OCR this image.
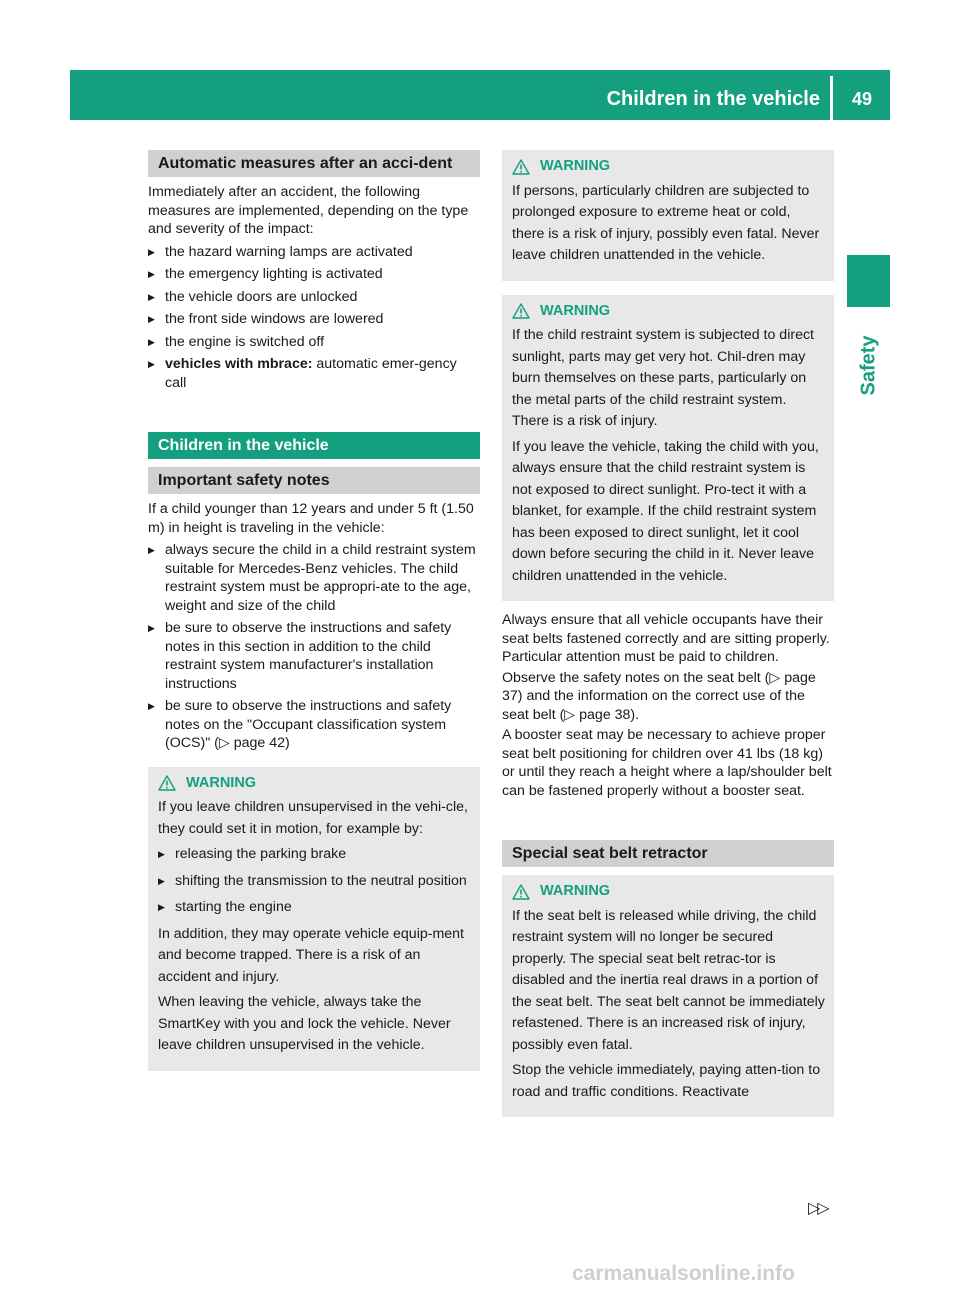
Children in the vehicle 49
Safety
Automatic measures after an acci-dent

Immediately after an accident, the following measures are implemented, depending on the type and severity of the impact:

▶ the hazard warning lamps are activated
▶ the emergency lighting is activated
▶ the vehicle doors are unlocked
▶ the front side windows are lowered
▶ the engine is switched off
▶ vehicles with mbrace: automatic emer-gency call
Children in the vehicle
Important safety notes

If a child younger than 12 years and under 5 ft (1.50 m) in height is traveling in the vehicle:

▶ always secure the child in a child restraint system suitable for Mercedes-Benz vehicles. The child restraint system must be appropri-ate to the age, weight and size of the child
▶ be sure to observe the instructions and safety notes in this section in addition to the child restraint system manufacturer's installation instructions
▶ be sure to observe the instructions and safety notes on the "Occupant classification system (OCS)" (▷ page 42)
WARNING

If you leave children unsupervised in the vehi-cle, they could set it in motion, for example by:

▶ releasing the parking brake
▶ shifting the transmission to the neutral position
▶ starting the engine

In addition, they may operate vehicle equip-ment and become trapped. There is a risk of an accident and injury.

When leaving the vehicle, always take the SmartKey with you and lock the vehicle. Never leave children unsupervised in the vehicle.

WARNING

If persons, particularly children are subjected to prolonged exposure to extreme heat or cold, there is a risk of injury, possibly even fatal. Never leave children unattended in the vehicle.

WARNING

If the child restraint system is subjected to direct sunlight, parts may get very hot. Chil-dren may burn themselves on these parts, particularly on the metal parts of the child restraint system. There is a risk of injury.

If you leave the vehicle, taking the child with you, always ensure that the child restraint system is not exposed to direct sunlight. Pro-tect it with a blanket, for example. If the child restraint system has been exposed to direct sunlight, let it cool down before securing the child in it. Never leave children unattended in the vehicle.

Always ensure that all vehicle occupants have their seat belts fastened correctly and are sitting properly. Particular attention must be paid to children.

Observe the safety notes on the seat belt (▷ page 37) and the information on the correct use of the seat belt (▷ page 38).

A booster seat may be necessary to achieve proper seat belt positioning for children over 41 lbs (18 kg) or until they reach a height where a lap/shoulder belt can be fastened properly without a booster seat.

Special seat belt retractor
WARNING

If the seat belt is released while driving, the child restraint system will no longer be secured properly. The special seat belt retrac-tor is disabled and the inertia real draws in a portion of the seat belt. The seat belt cannot be immediately refastened. There is an increased risk of injury, possibly even fatal.

Stop the vehicle immediately, paying atten-tion to road and traffic conditions. Reactivate

▷▷
carmanualsonline.info
